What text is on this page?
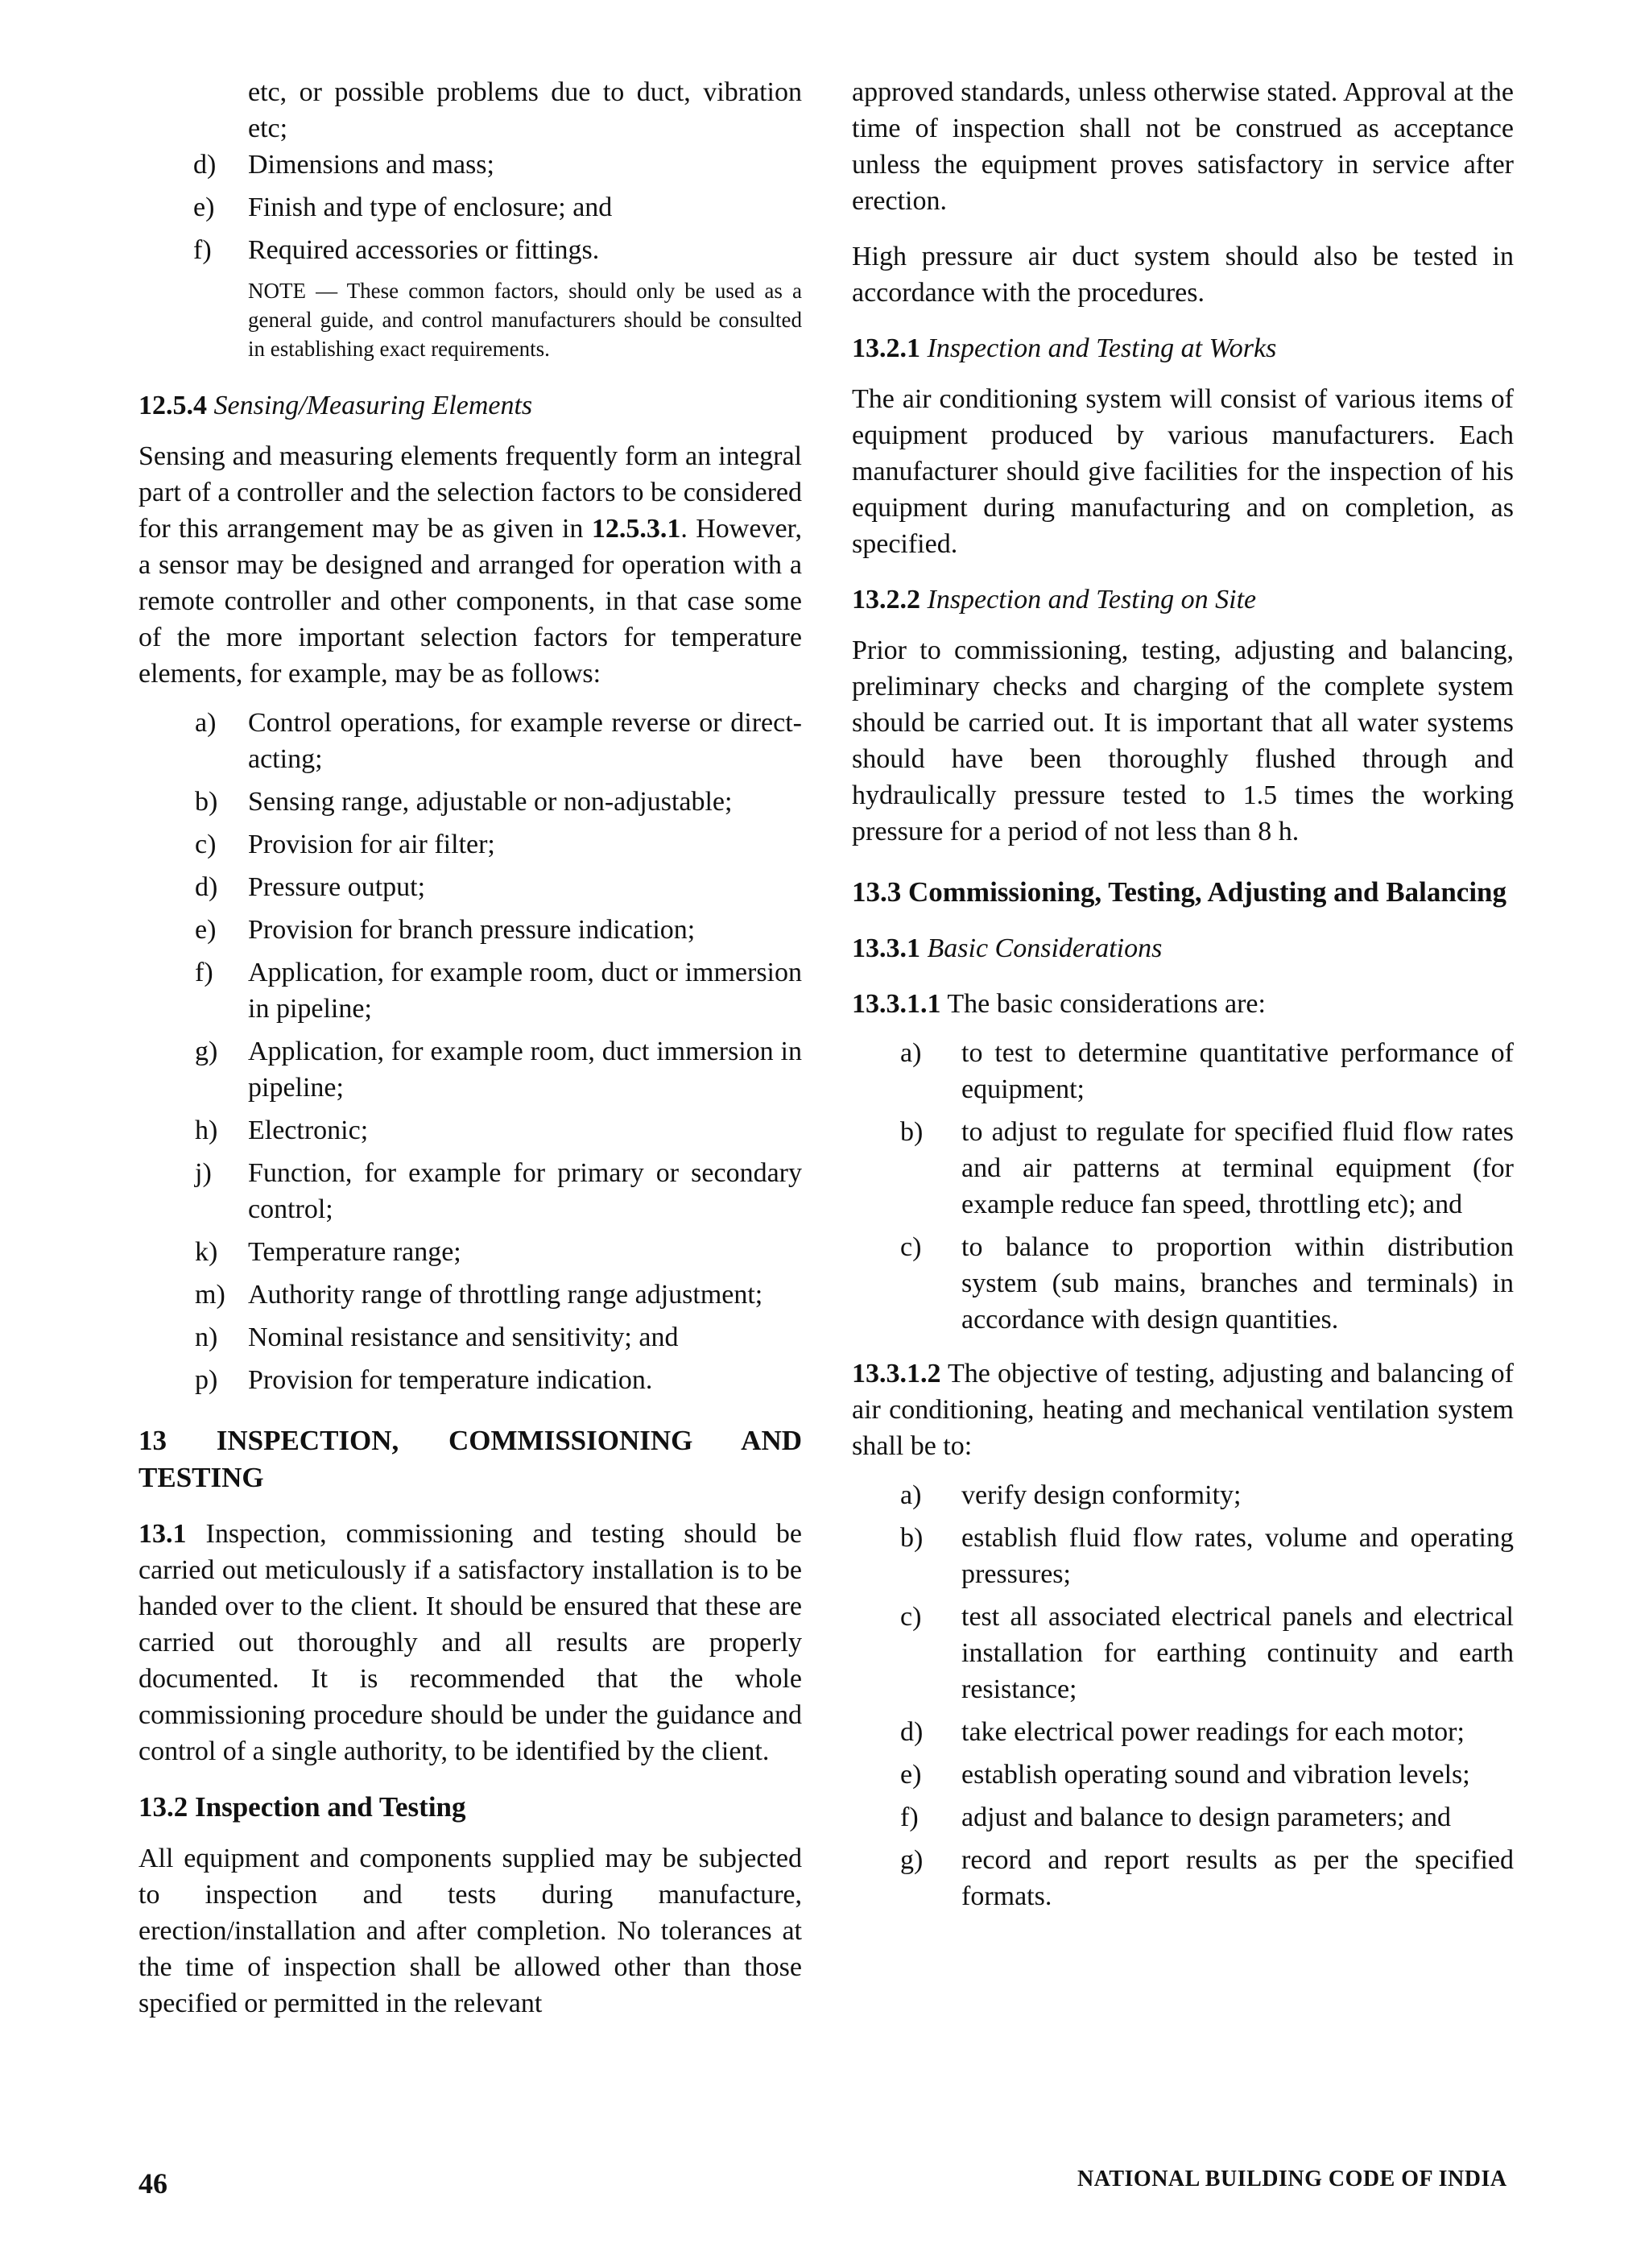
etc, or possible problems due to duct, vibration etc;

d)	Dimensions and mass;
e)	Finish and type of enclosure; and
f)	Required accessories or fittings.

NOTE — These common factors, should only be used as a general guide, and control manufacturers should be consulted in establishing exact requirements.

12.5.4 Sensing/Measuring Elements

Sensing and measuring elements frequently form an integral part of a controller and the selection factors to be considered for this arrangement may be as given in 12.5.3.1. However, a sensor may be designed and arranged for operation with a remote controller and other components, in that case some of the more important selection factors for temperature elements, for example, may be as follows:

a)	Control operations, for example reverse or direct-acting;
b)	Sensing range, adjustable or non-adjustable;
c)	Provision for air filter;
d)	Pressure output;
e)	Provision for branch pressure indication;
f)	Application, for example room, duct or immersion in pipeline;
g)	Application, for example room, duct immersion in pipeline;
h)	Electronic;
j)	Function, for example for primary or secondary control;
k)	Temperature range;
m) Authority range of throttling range adjustment;
n)	Nominal resistance and sensitivity; and
p)	Provision for temperature indication.

13 INSPECTION, COMMISSIONING AND TESTING

13.1 Inspection, commissioning and testing should be carried out meticulously if a satisfactory installation is to be handed over to the client. It should be ensured that these are carried out thoroughly and all results are properly documented. It is recommended that the whole commissioning procedure should be under the guidance and control of a single authority, to be identified by the client.

13.2 Inspection and Testing

All equipment and components supplied may be subjected to inspection and tests during manufacture, erection/installation and after completion. No tolerances at the time of inspection shall be allowed other than those specified or permitted in the relevant

approved standards, unless otherwise stated. Approval at the time of inspection shall not be construed as acceptance unless the equipment proves satisfactory in service after erection.

High pressure air duct system should also be tested in accordance with the procedures.

13.2.1 Inspection and Testing at Works

The air conditioning system will consist of various items of equipment produced by various manufacturers. Each manufacturer should give facilities for the inspection of his equipment during manufacturing and on completion, as specified.

13.2.2 Inspection and Testing on Site

Prior to commissioning, testing, adjusting and balancing, preliminary checks and charging of the complete system should be carried out. It is important that all water systems should have been thoroughly flushed through and hydraulically pressure tested to 1.5 times the working pressure for a period of not less than 8 h.

13.3 Commissioning, Testing, Adjusting and Balancing

13.3.1 Basic Considerations

13.3.1.1 The basic considerations are:

a)	to test to determine quantitative performance of equipment;
b)	to adjust to regulate for specified fluid flow rates and air patterns at terminal equipment (for example reduce fan speed, throttling etc); and
c)	to balance to proportion within distribution system (sub mains, branches and terminals) in accordance with design quantities.

13.3.1.2 The objective of testing, adjusting and balancing of air conditioning, heating and mechanical ventilation system shall be to:

a)	verify design conformity;
b)	establish fluid flow rates, volume and operating pressures;
c)	test all associated electrical panels and electrical installation for earthing continuity and earth resistance;
d)	take electrical power readings for each motor;
e)	establish operating sound and vibration levels;
f)	adjust and balance to design parameters; and
g)	record and report results as per the specified formats.
46	NATIONAL BUILDING CODE OF INDIA
